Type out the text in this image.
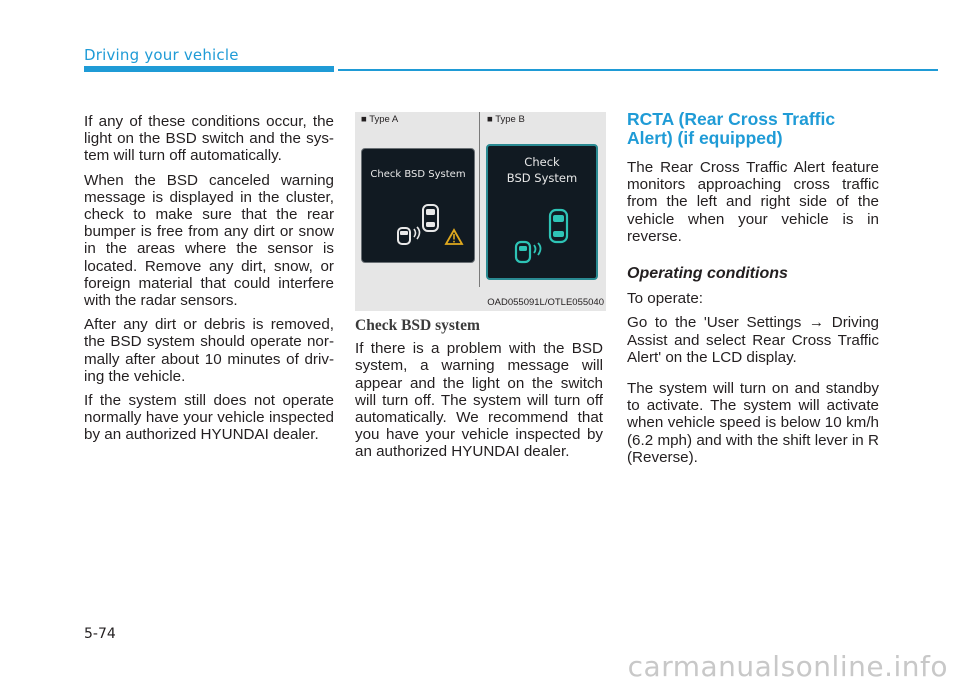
Driving your vehicle

If any of these conditions occur, the light on the BSD switch and the sys-tem will turn off automatically.

When the BSD canceled warning message is displayed in the cluster, check to make sure that the rear bumper is free from any dirt or snow in the areas where the sensor is located. Remove any dirt, snow, or foreign material that could interfere with the radar sensors.

After any dirt or debris is removed, the BSD system should operate nor-mally after about 10 minutes of driv-ing the vehicle.

If the system still does not operate normally have your vehicle inspected by an authorized HYUNDAI dealer.

■ Type A	■ Type B
Check BSD System
Check
BSD System
OAD055091L/OTLE055040
Check BSD system

If there is a problem with the BSD system, a warning message will appear and the light on the switch will turn off. The system will turn off automatically. We recommend that you have your vehicle inspected by an authorized HYUNDAI dealer.

RCTA (Rear Cross Traffic Alert) (if equipped)

The Rear Cross Traffic Alert feature monitors approaching cross traffic from the left and right side of the vehicle when your vehicle is in reverse.

Operating conditions

To operate:

Go to the 'User Settings → Driving Assist and select Rear Cross Traffic Alert' on the LCD display.

The system will turn on and standby to activate. The system will activate when vehicle speed is below 10 km/h (6.2 mph) and with the shift lever in R (Reverse).

5-74
carmanualsonline.info
